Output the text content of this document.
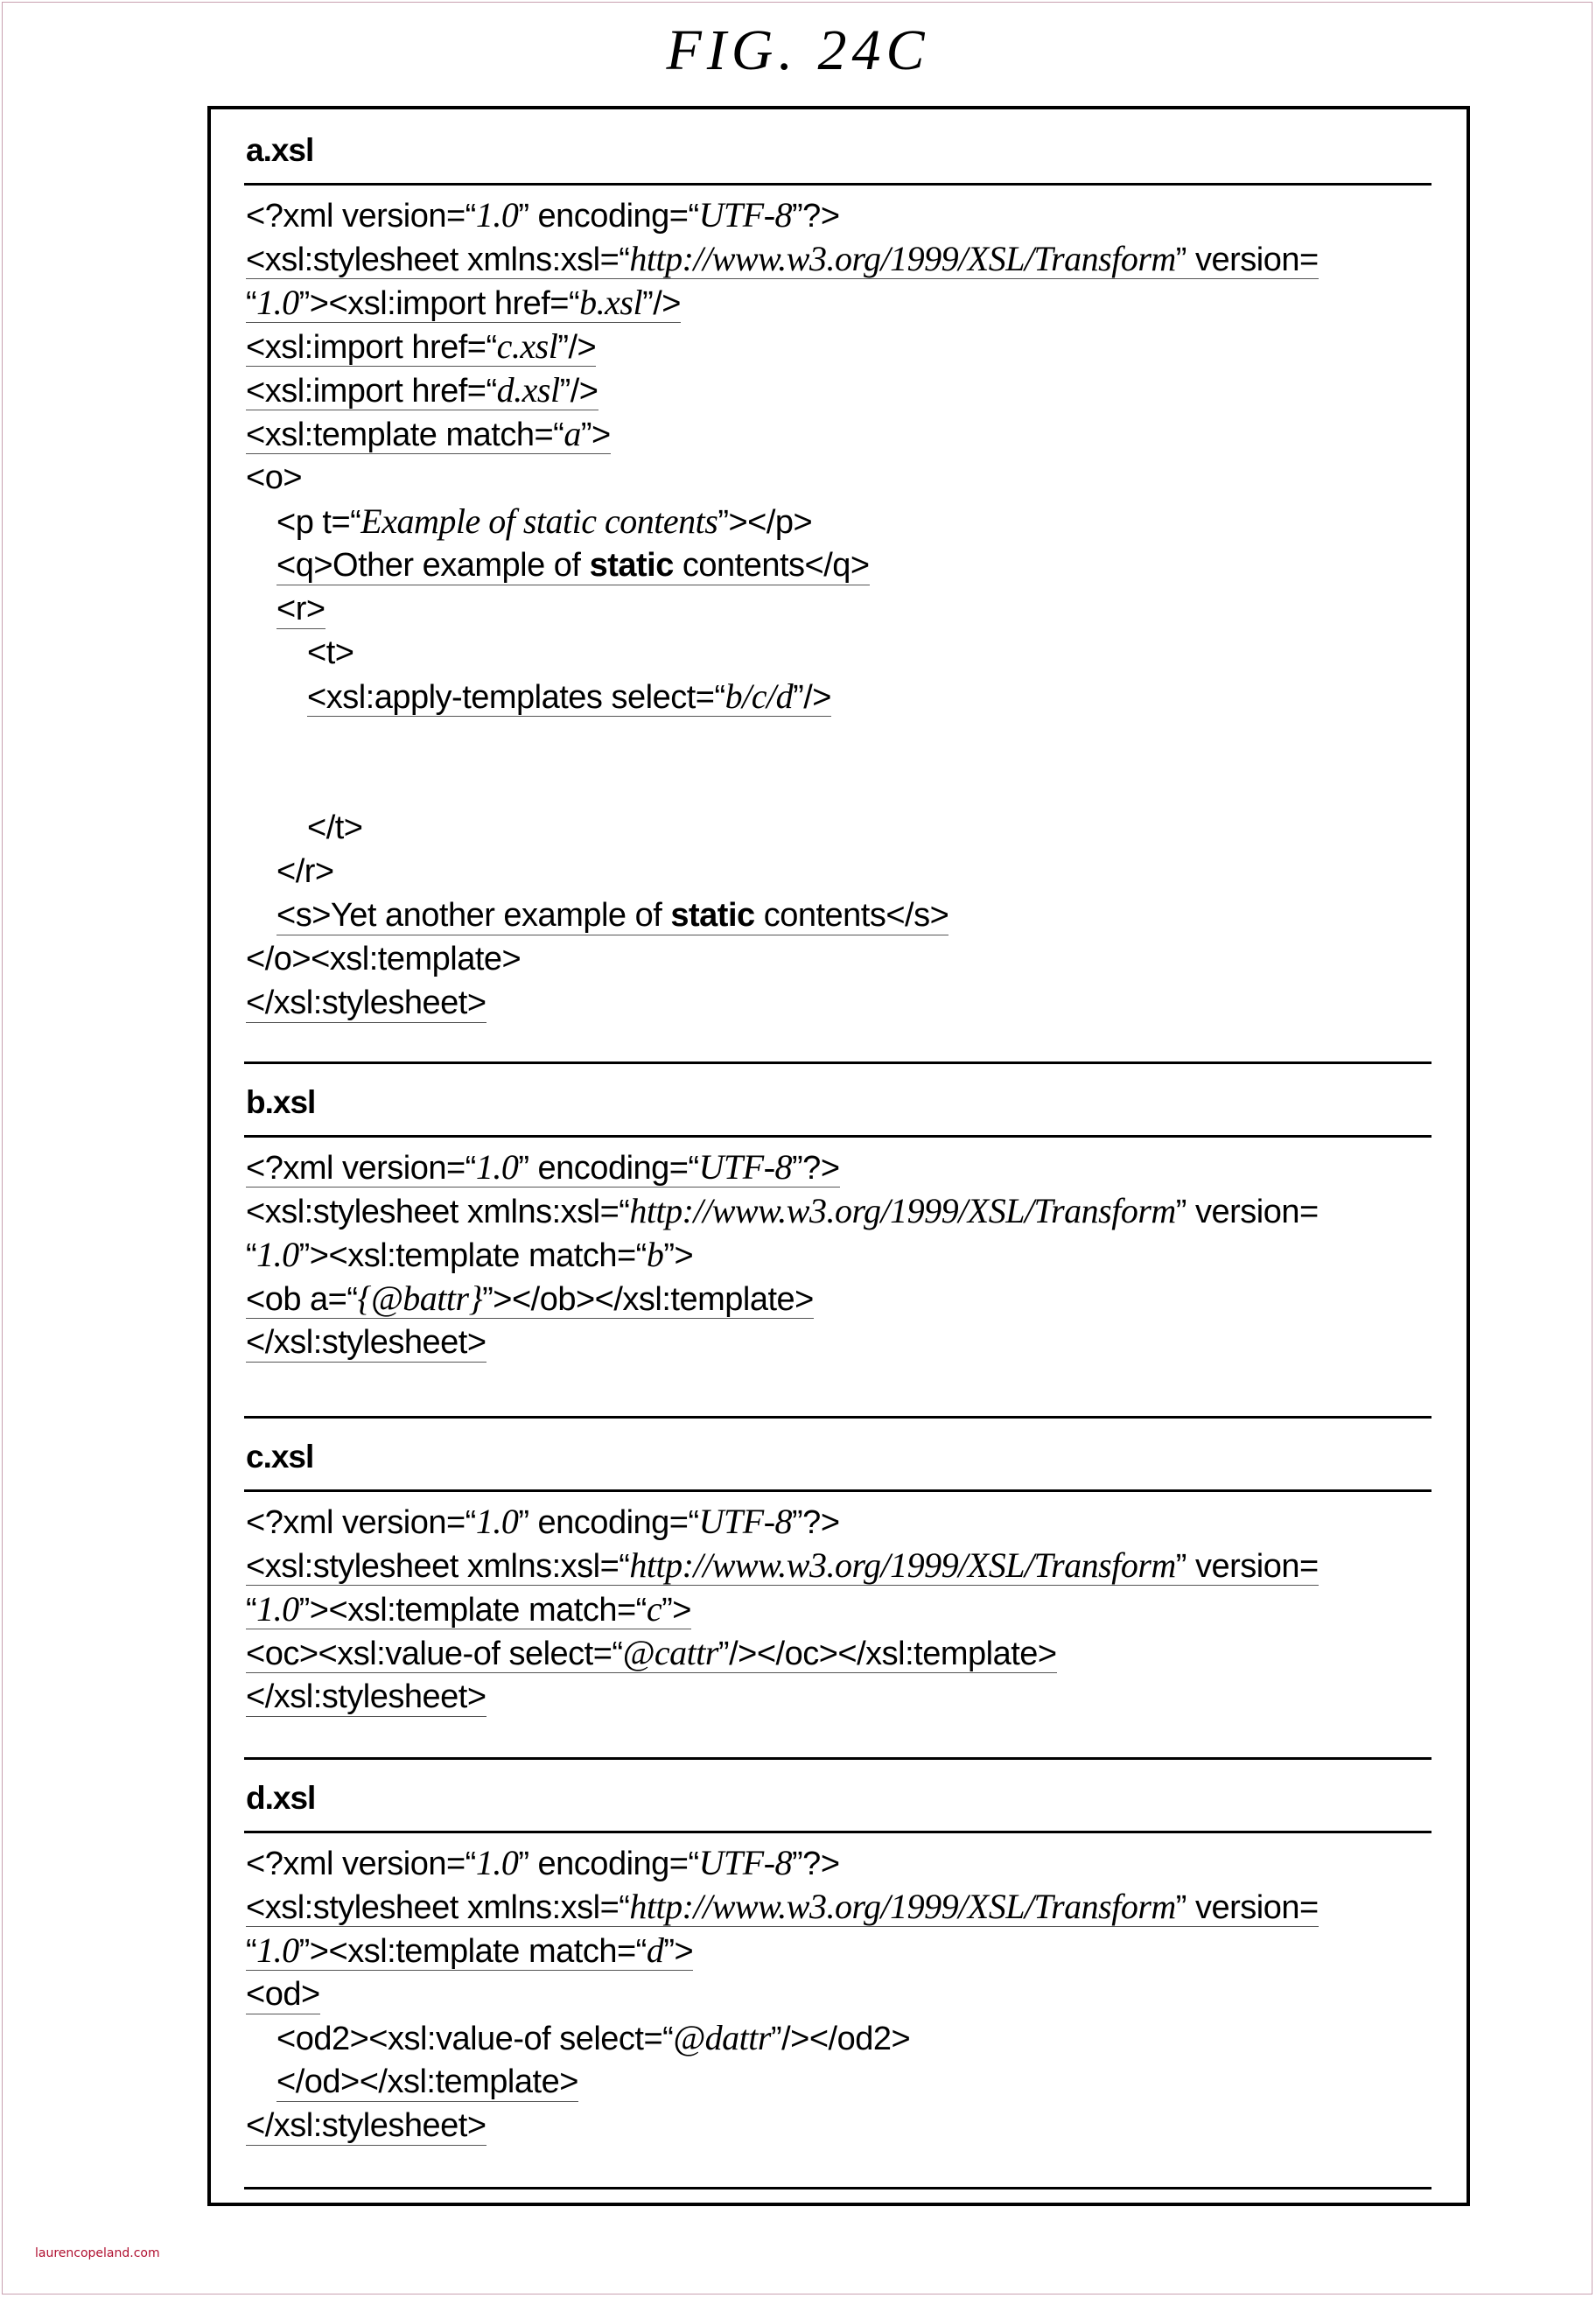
FIG. 24C
a.xsl
<?xml version=“1.0” encoding=“UTF-8”?>
<xsl:stylesheet xmlns:xsl=“http://www.w3.org/1999/XSL/Transform” version=
“1.0”><xsl:import href=“b.xsl”/>
<xsl:import href=“c.xsl”/>
<xsl:import href=“d.xsl”/>
<xsl:template match=“a”>
<o>
<p t=“Example of static contents”></p>
<q>Other example of static contents</q>
<r>
<t>
<xsl:apply-templates select=“b/c/d”/>
</t>
</r>
<s>Yet another example of static contents</s>
</o><xsl:template>
</xsl:stylesheet>
b.xsl
<?xml version=“1.0” encoding=“UTF-8”?>
<xsl:stylesheet xmlns:xsl=“http://www.w3.org/1999/XSL/Transform” version=
“1.0”><xsl:template match=“b”>
<ob a=“{@battr}”></ob></xsl:template>
</xsl:stylesheet>
c.xsl
<?xml version=“1.0” encoding=“UTF-8”?>
<xsl:stylesheet xmlns:xsl=“http://www.w3.org/1999/XSL/Transform” version=
“1.0”><xsl:template match=“c”>
<oc><xsl:value-of select=“@cattr”/></oc></xsl:template>
</xsl:stylesheet>
d.xsl
<?xml version=“1.0” encoding=“UTF-8”?>
<xsl:stylesheet xmlns:xsl=“http://www.w3.org/1999/XSL/Transform” version=
“1.0”><xsl:template match=“d”>
<od>
<od2><xsl:value-of select=“@dattr”/></od2>
</od></xsl:template>
</xsl:stylesheet>
laurencopeland.com
